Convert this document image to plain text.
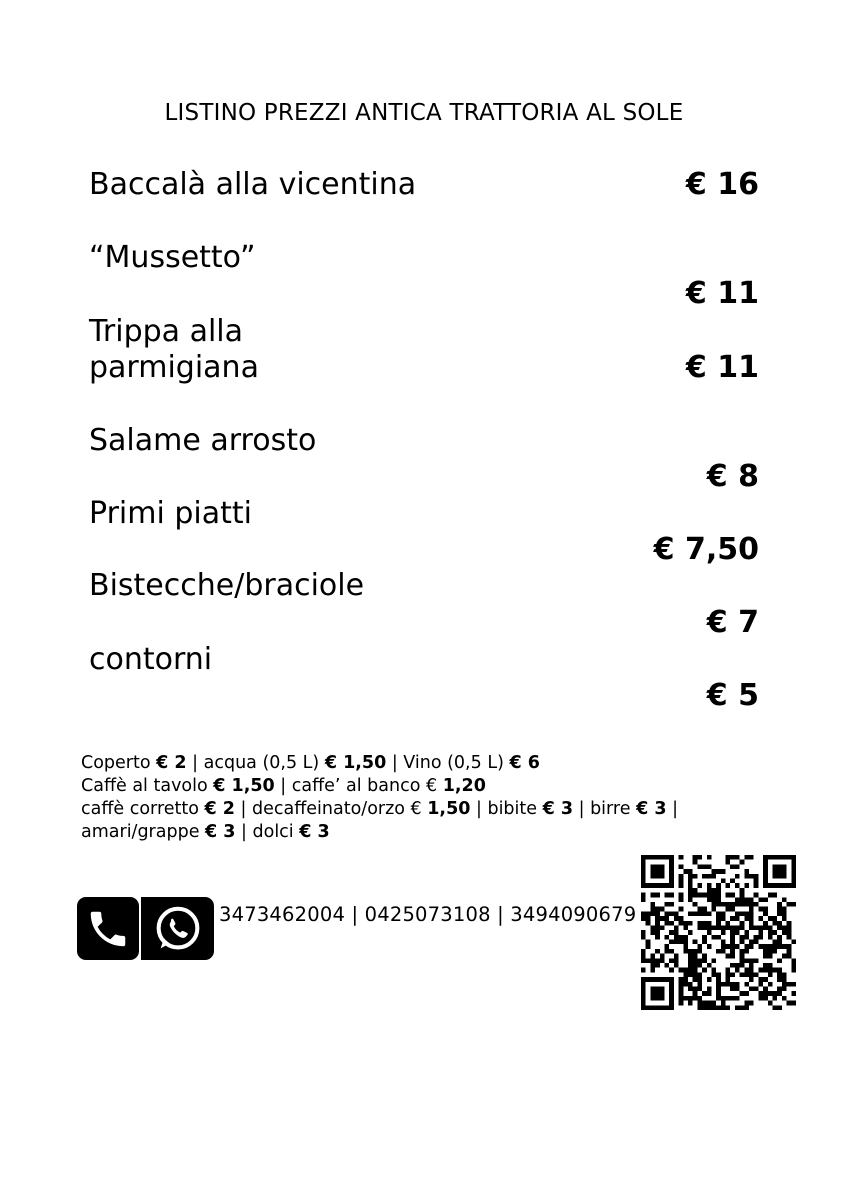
LISTINO PREZZI ANTICA TRATTORIA AL SOLE
Baccalà alla vicentina	€ 16
“Mussetto”
€ 11
Trippa alla
parmigiana	€ 11
Salame arrosto
€ 8
Primi piatti
€ 7,50
Bistecche/braciole
€ 7
contorni
€ 5
Coperto € 2 | acqua (0,5 L) € 1,50 | Vino (0,5 L) € 6
Caffè al tavolo € 1,50 | caffe’ al banco € 1,20
caffè corretto € 2 | decaffeinato/orzo € 1,50 | bibite € 3 | birre € 3 |
amari/grappe € 3 | dolci € 3
3473462004 | 0425073108 | 3494090679
